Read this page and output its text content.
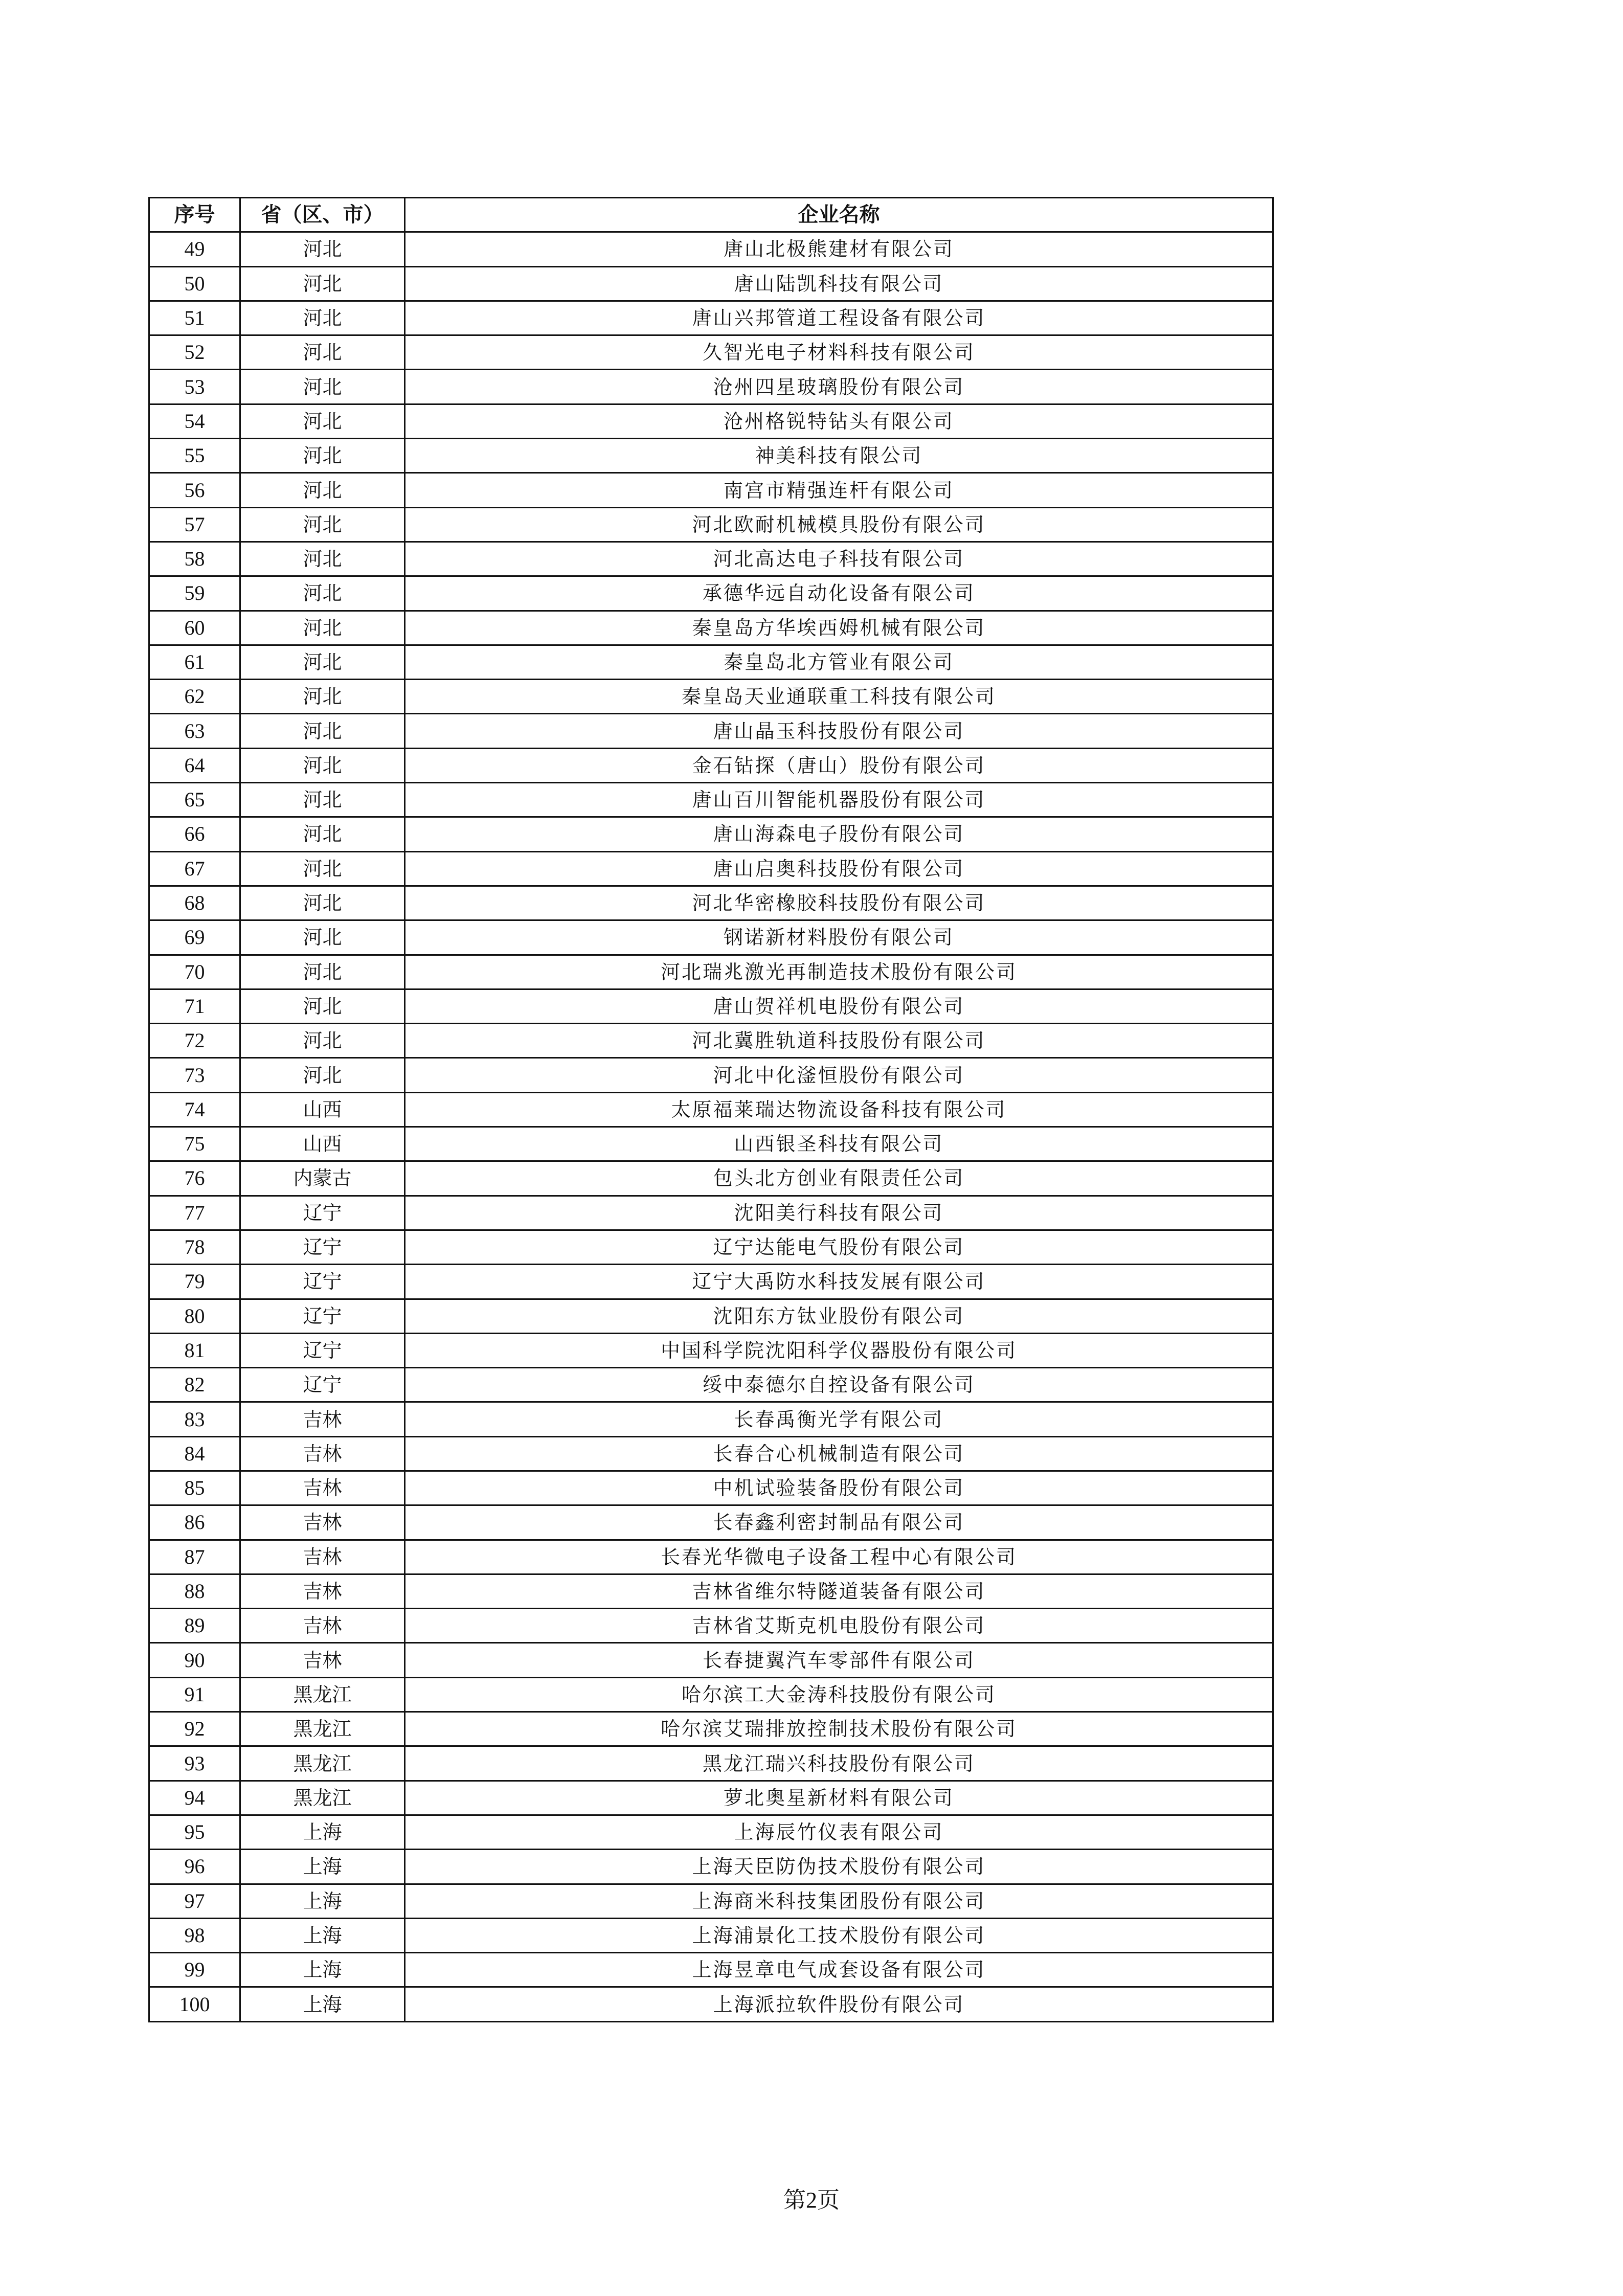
序号	省（区、市）	企业名称
49	河北	唐山北极熊建材有限公司
50	河北	唐山陆凯科技有限公司
51	河北	唐山兴邦管道工程设备有限公司
52	河北	久智光电子材料科技有限公司
53	河北	沧州四星玻璃股份有限公司
54	河北	沧州格锐特钻头有限公司
55	河北	神美科技有限公司
56	河北	南宫市精强连杆有限公司
57	河北	河北欧耐机械模具股份有限公司
58	河北	河北高达电子科技有限公司
59	河北	承德华远自动化设备有限公司
60	河北	秦皇岛方华埃西姆机械有限公司
61	河北	秦皇岛北方管业有限公司
62	河北	秦皇岛天业通联重工科技有限公司
63	河北	唐山晶玉科技股份有限公司
64	河北	金石钻探（唐山）股份有限公司
65	河北	唐山百川智能机器股份有限公司
66	河北	唐山海森电子股份有限公司
67	河北	唐山启奥科技股份有限公司
68	河北	河北华密橡胶科技股份有限公司
69	河北	钢诺新材料股份有限公司
70	河北	河北瑞兆激光再制造技术股份有限公司
71	河北	唐山贺祥机电股份有限公司
72	河北	河北冀胜轨道科技股份有限公司
73	河北	河北中化滏恒股份有限公司
74	山西	太原福莱瑞达物流设备科技有限公司
75	山西	山西银圣科技有限公司
76	内蒙古	包头北方创业有限责任公司
77	辽宁	沈阳美行科技有限公司
78	辽宁	辽宁达能电气股份有限公司
79	辽宁	辽宁大禹防水科技发展有限公司
80	辽宁	沈阳东方钛业股份有限公司
81	辽宁	中国科学院沈阳科学仪器股份有限公司
82	辽宁	绥中泰德尔自控设备有限公司
83	吉林	长春禹衡光学有限公司
84	吉林	长春合心机械制造有限公司
85	吉林	中机试验装备股份有限公司
86	吉林	长春鑫利密封制品有限公司
87	吉林	长春光华微电子设备工程中心有限公司
88	吉林	吉林省维尔特隧道装备有限公司
89	吉林	吉林省艾斯克机电股份有限公司
90	吉林	长春捷翼汽车零部件有限公司
91	黑龙江	哈尔滨工大金涛科技股份有限公司
92	黑龙江	哈尔滨艾瑞排放控制技术股份有限公司
93	黑龙江	黑龙江瑞兴科技股份有限公司
94	黑龙江	萝北奥星新材料有限公司
95	上海	上海辰竹仪表有限公司
96	上海	上海天臣防伪技术股份有限公司
97	上海	上海商米科技集团股份有限公司
98	上海	上海浦景化工技术股份有限公司
99	上海	上海昱章电气成套设备有限公司
100	上海	上海派拉软件股份有限公司
第2页
